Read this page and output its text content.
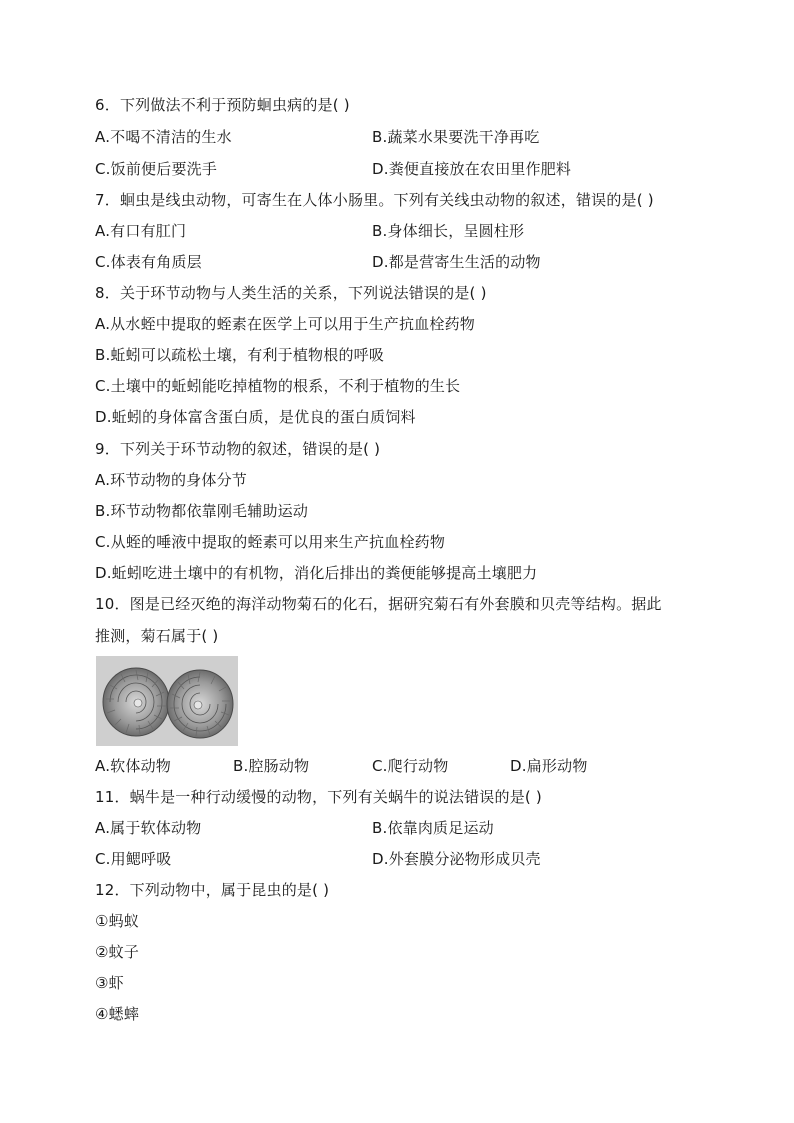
6．下列做法不利于预防蛔虫病的是( )
A.不喝不清洁的生水	B.蔬菜水果要洗干净再吃
C.饭前便后要洗手	D.粪便直接放在农田里作肥料
7．蛔虫是线虫动物，可寄生在人体小肠里。下列有关线虫动物的叙述，错误的是( )
A.有口有肛门	B.身体细长，呈圆柱形
C.体表有角质层	D.都是营寄生生活的动物
8．关于环节动物与人类生活的关系，下列说法错误的是( )
A.从水蛭中提取的蛭素在医学上可以用于生产抗血栓药物
B.蚯蚓可以疏松土壤，有利于植物根的呼吸
C.土壤中的蚯蚓能吃掉植物的根系，不利于植物的生长
D.蚯蚓的身体富含蛋白质，是优良的蛋白质饲料
9．下列关于环节动物的叙述，错误的是( )
A.环节动物的身体分节
B.环节动物都依靠刚毛辅助运动
C.从蛭的唾液中提取的蛭素可以用来生产抗血栓药物
D.蚯蚓吃进土壤中的有机物，消化后排出的粪便能够提高土壤肥力
10．图是已经灭绝的海洋动物菊石的化石，据研究菊石有外套膜和贝壳等结构。据此
推测，菊石属于( )
A.软体动物	B.腔肠动物	C.爬行动物	D.扁形动物
11．蜗牛是一种行动缓慢的动物，下列有关蜗牛的说法错误的是( )
A.属于软体动物	B.依靠肉质足运动
C.用鳃呼吸	D.外套膜分泌物形成贝壳
12．下列动物中，属于昆虫的是( )
①蚂蚁
②蚊子
③虾
④蟋蟀
